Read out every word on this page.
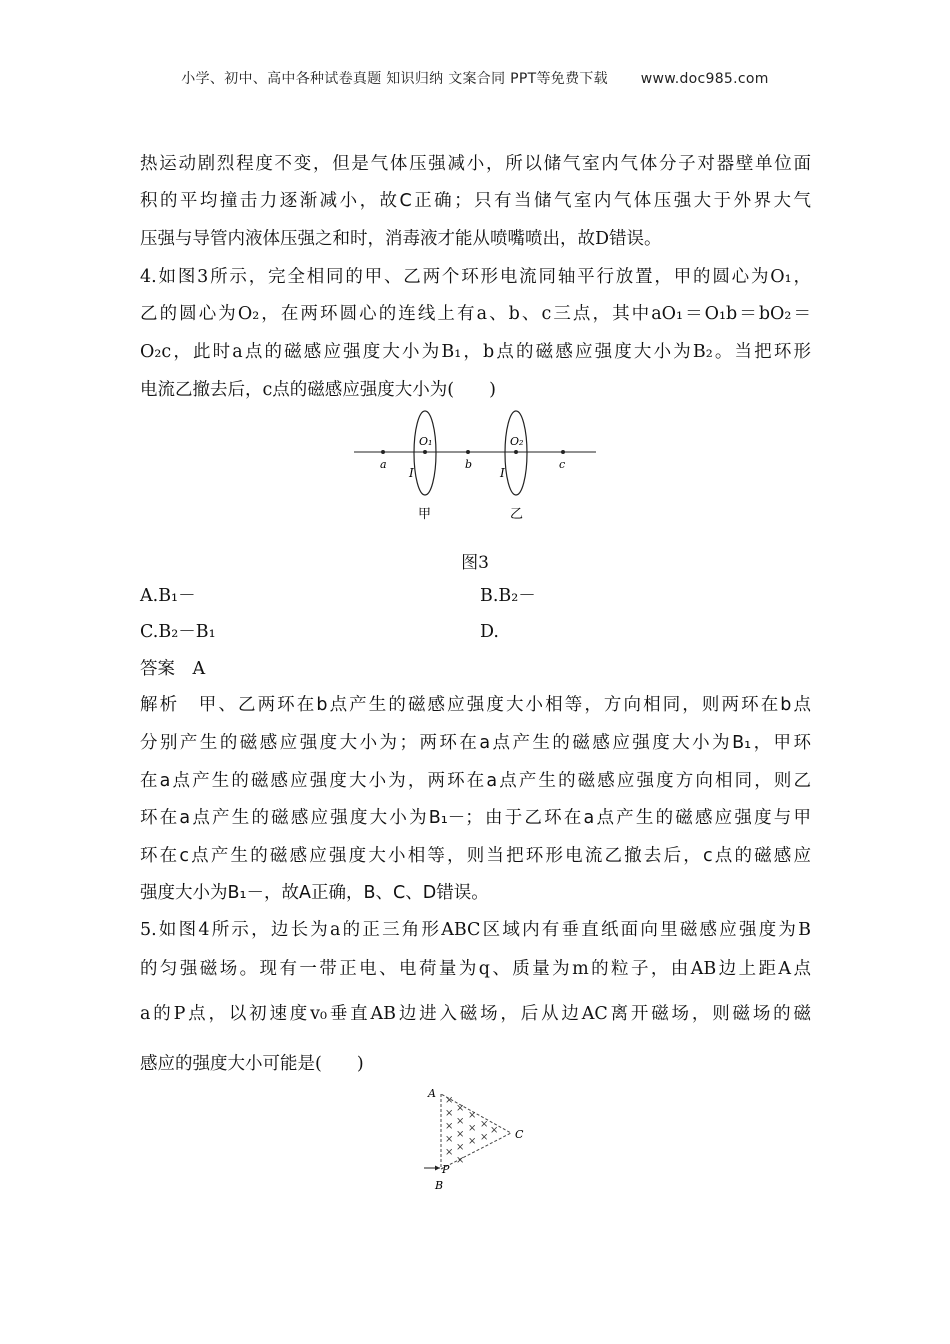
小学、初中、高中各种试卷真题 知识归纳 文案合同 PPT等免费下载 www.doc985.com
热运动剧烈程度不变，但是气体压强减小，所以储气室内气体分子对器壁单位面
积的平均撞击力逐渐减小，故C正确；只有当储气室内气体压强大于外界大气
压强与导管内液体压强之和时，消毒液才能从喷嘴喷出，故D错误。
4.如图3所示，完全相同的甲、乙两个环形电流同轴平行放置，甲的圆心为O₁，
乙的圆心为O₂，在两环圆心的连线上有a、b、c三点，其中aO₁＝O₁b＝bO₂＝
O₂c，此时a点的磁感应强度大小为B₁，b点的磁感应强度大小为B₂。当把环形
电流乙撤去后，c点的磁感应强度大小为(　　)
a	b	c
O₁	O₂
I	I
甲	乙
图3
A.B₁－	B.B₂－
C.B₂－B₁	D.
答案　A
解析　甲、乙两环在b点产生的磁感应强度大小相等，方向相同，则两环在b点
分别产生的磁感应强度大小为；两环在a点产生的磁感应强度大小为B₁，甲环
在a点产生的磁感应强度大小为，两环在a点产生的磁感应强度方向相同，则乙
环在a点产生的磁感应强度大小为B₁－；由于乙环在a点产生的磁感应强度与甲
环在c点产生的磁感应强度大小相等，则当把环形电流乙撤去后，c点的磁感应
强度大小为B₁－，故A正确，B、C、D错误。
5.如图4所示，边长为a的正三角形ABC区域内有垂直纸面向里磁感应强度为B
的匀强磁场。现有一带正电、电荷量为q、质量为m的粒子，由AB边上距A点
a的P点，以初速度v₀垂直AB边进入磁场，后从边AC离开磁场，则磁场的磁
感应的强度大小可能是(　　)
×
× ×
× ×
×
× ×
× ×
×
× ×
× ×
×
A
B
C
P
